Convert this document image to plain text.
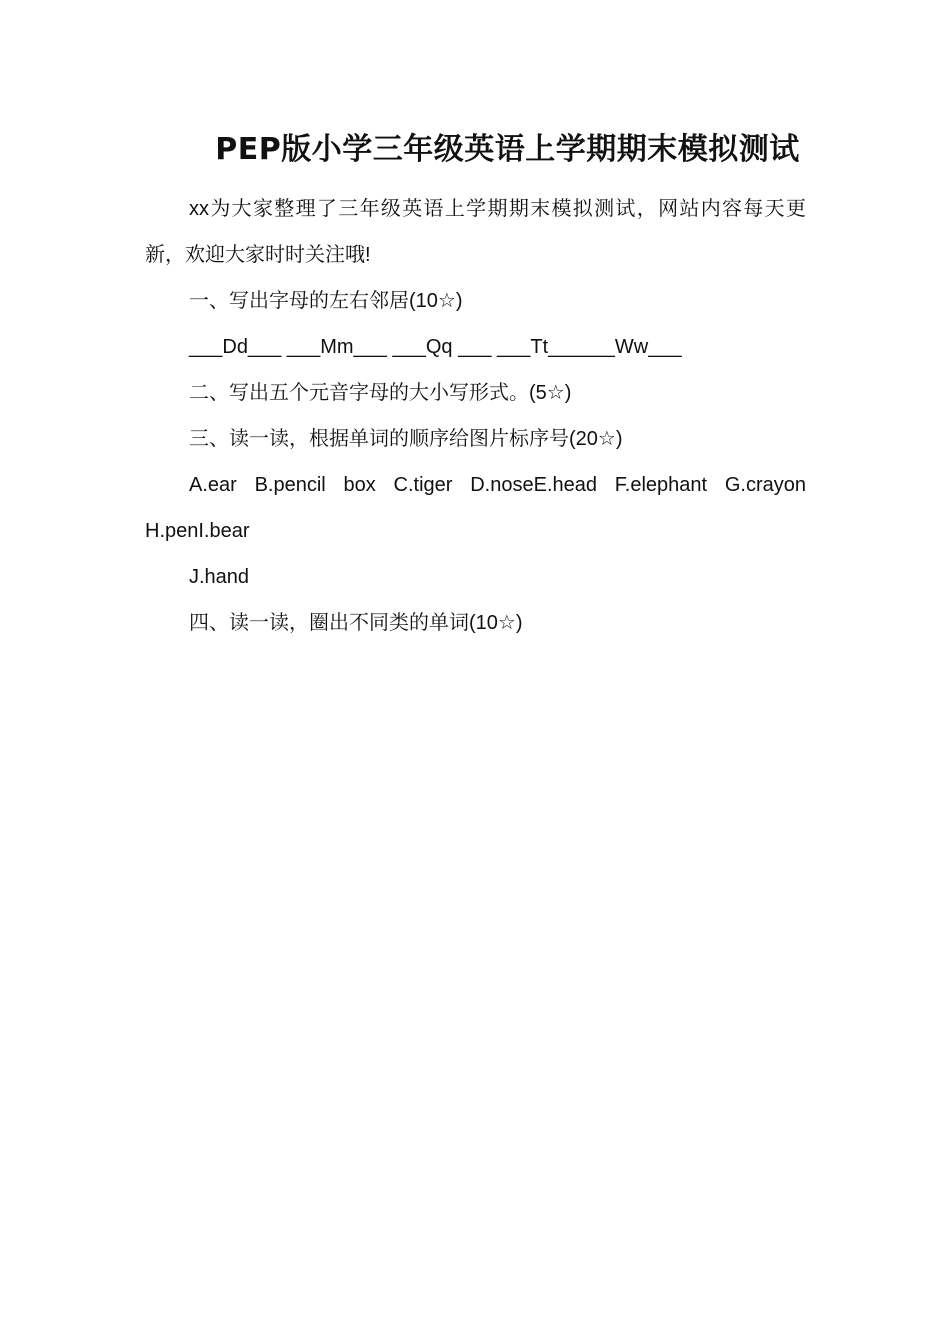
PEP版小学三年级英语上学期期末模拟测试

xx为大家整理了三年级英语上学期期末模拟测试，网站内容每天更新，欢迎大家时时关注哦!

一、写出字母的左右邻居(10☆)

___Dd___ ___Mm___ ___Qq ___ ___Tt______Ww___

二、写出五个元音字母的大小写形式。(5☆)

三、读一读，根据单词的顺序给图片标序号(20☆)

A.ear B.pencil box C.tiger D.noseE.head F.elephant G.crayon H.penI.bear

J.hand

四、读一读，圈出不同类的单词(10☆)
